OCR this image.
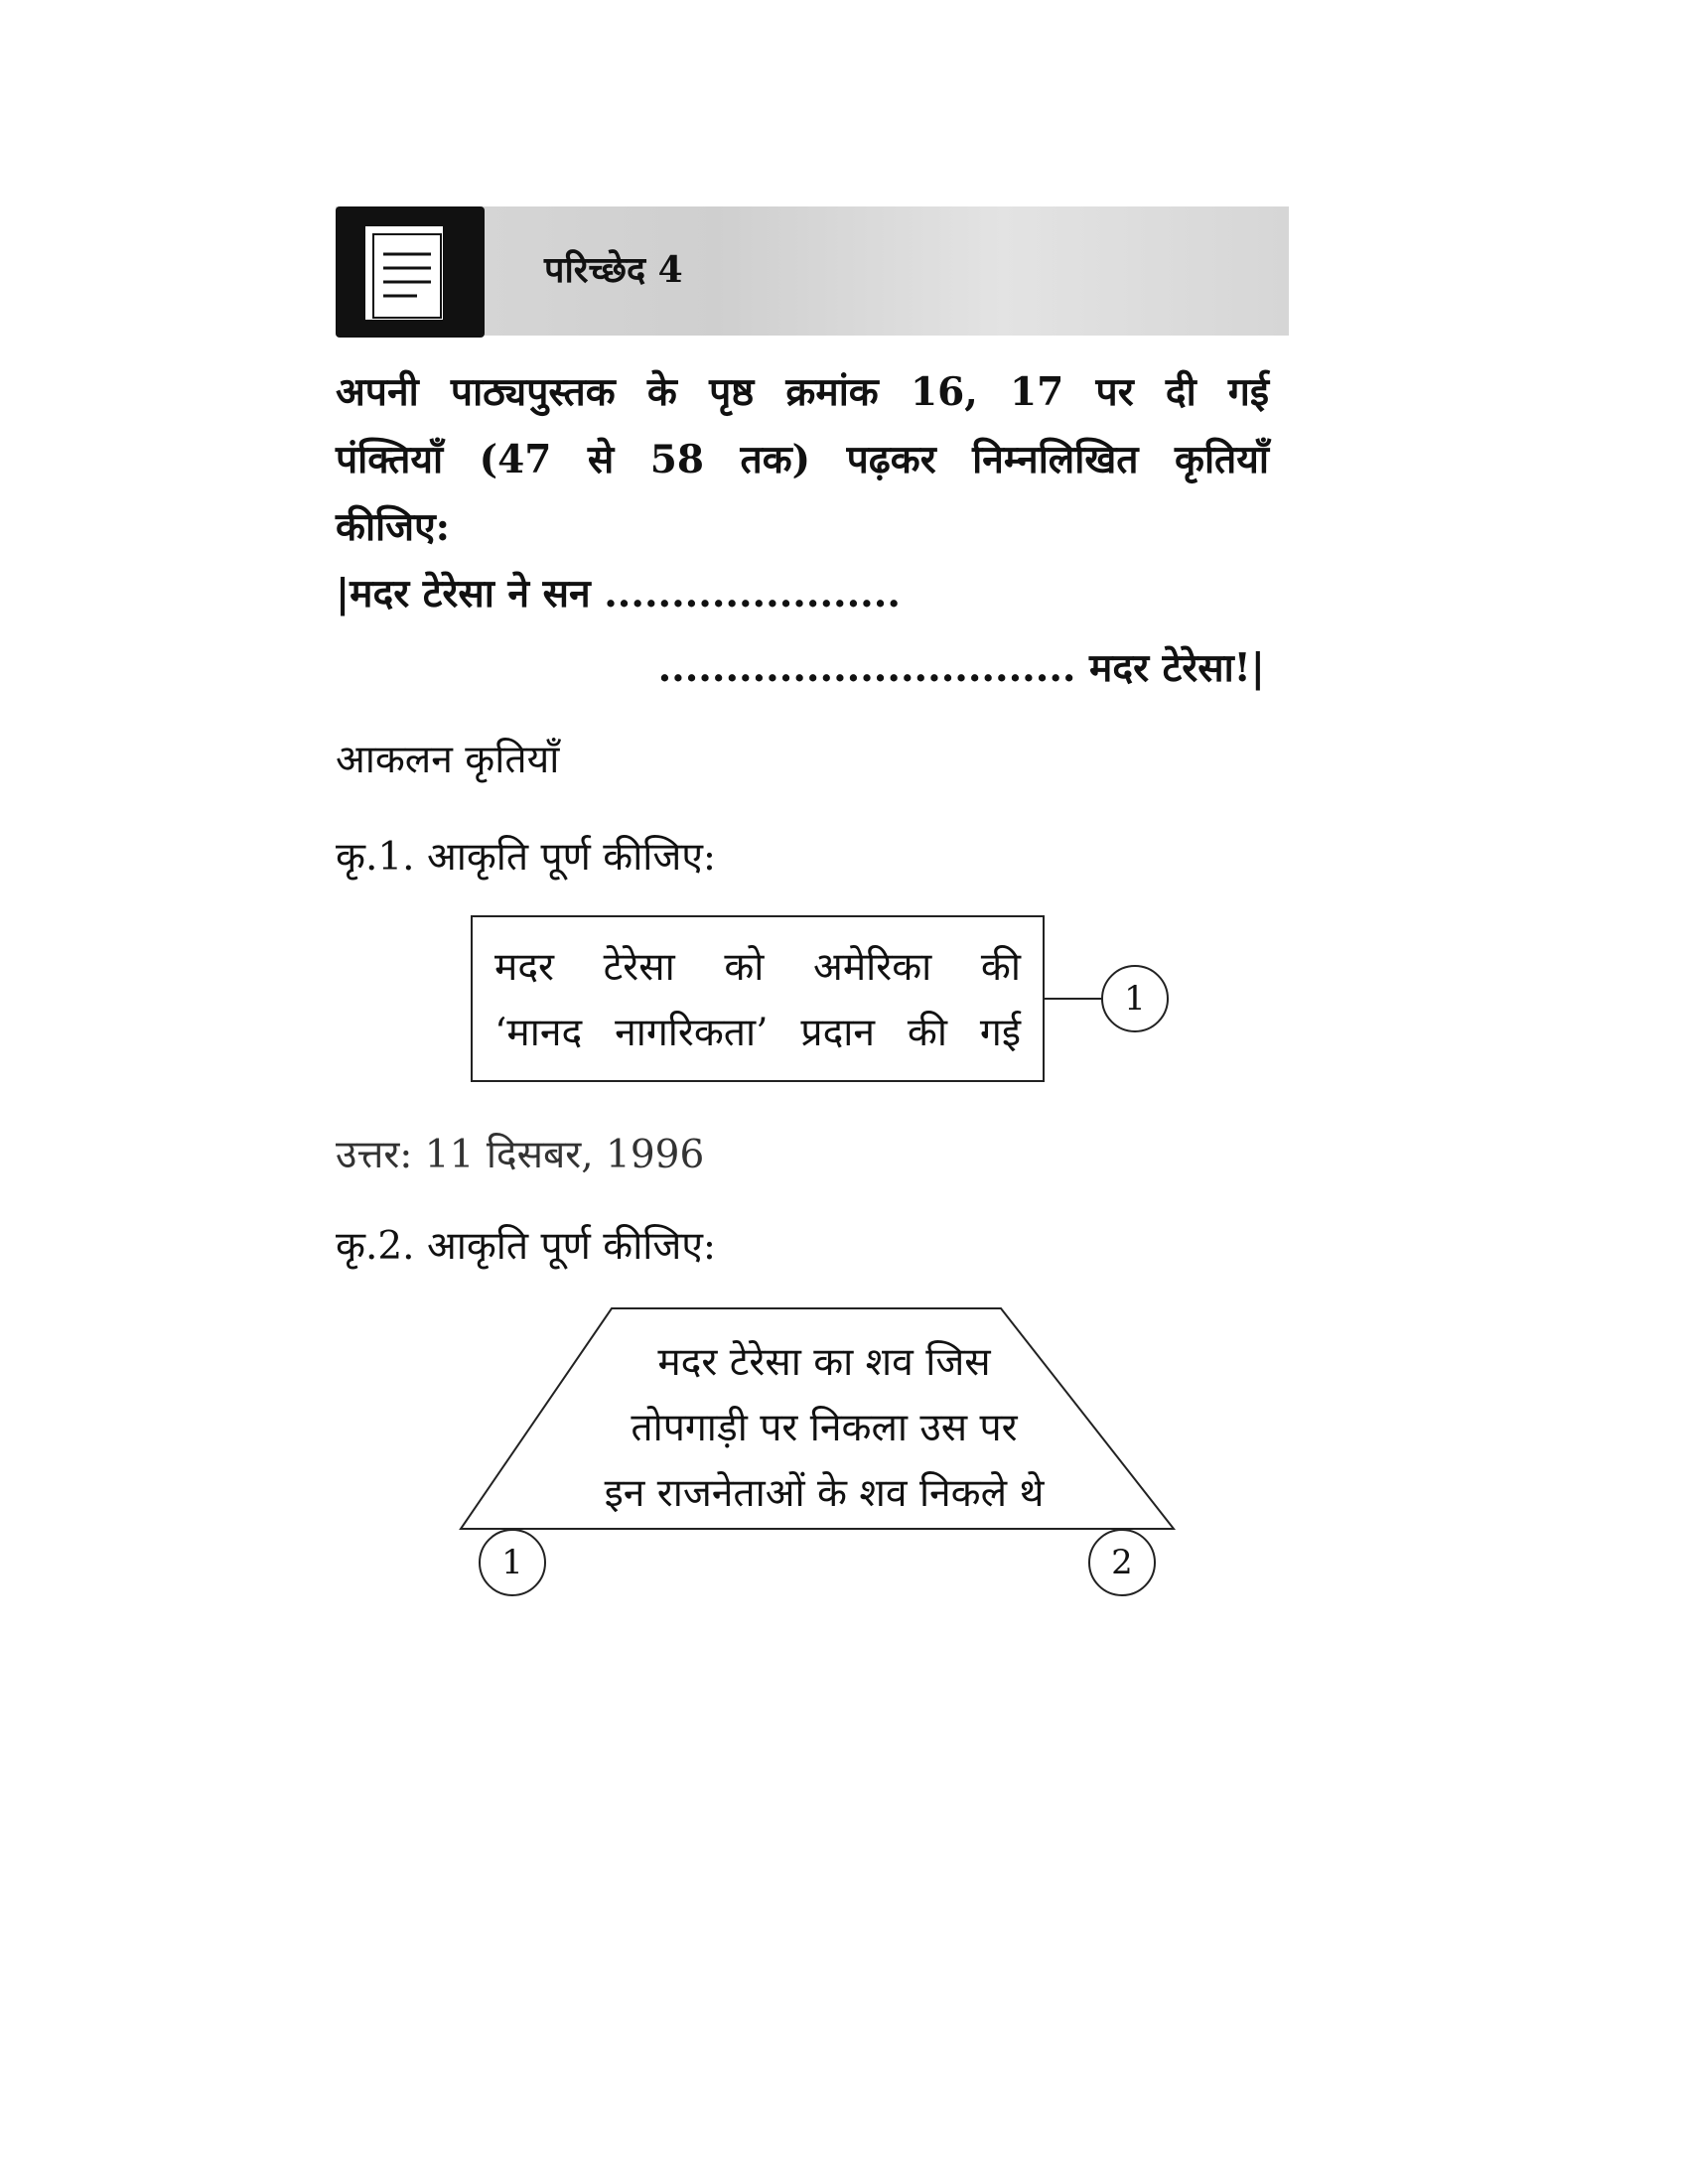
परिच्छेद 4
अपनी पाठ्यपुस्तक के पृष्ठ क्रमांक 16, 17 पर दी गई
पंक्तियाँ (47 से 58 तक) पढ़कर निम्नलिखित कृतियाँ
कीजिए:
|मदर टेरेसा ने सन ......................
............................... मदर टेरेसा!|
आकलन कृतियाँ
कृ.1. आकृति पूर्ण कीजिए:
मदर टेरेसा को अमेरिका की
‘मानद नागरिकता’ प्रदान की गई
1
उत्तर: 11 दिसबर, 1996
कृ.2. आकृति पूर्ण कीजिए:
मदर टेरेसा का शव जिस
तोपगाड़ी पर निकला उस पर
इन राजनेताओं के शव निकले थे
1	2
